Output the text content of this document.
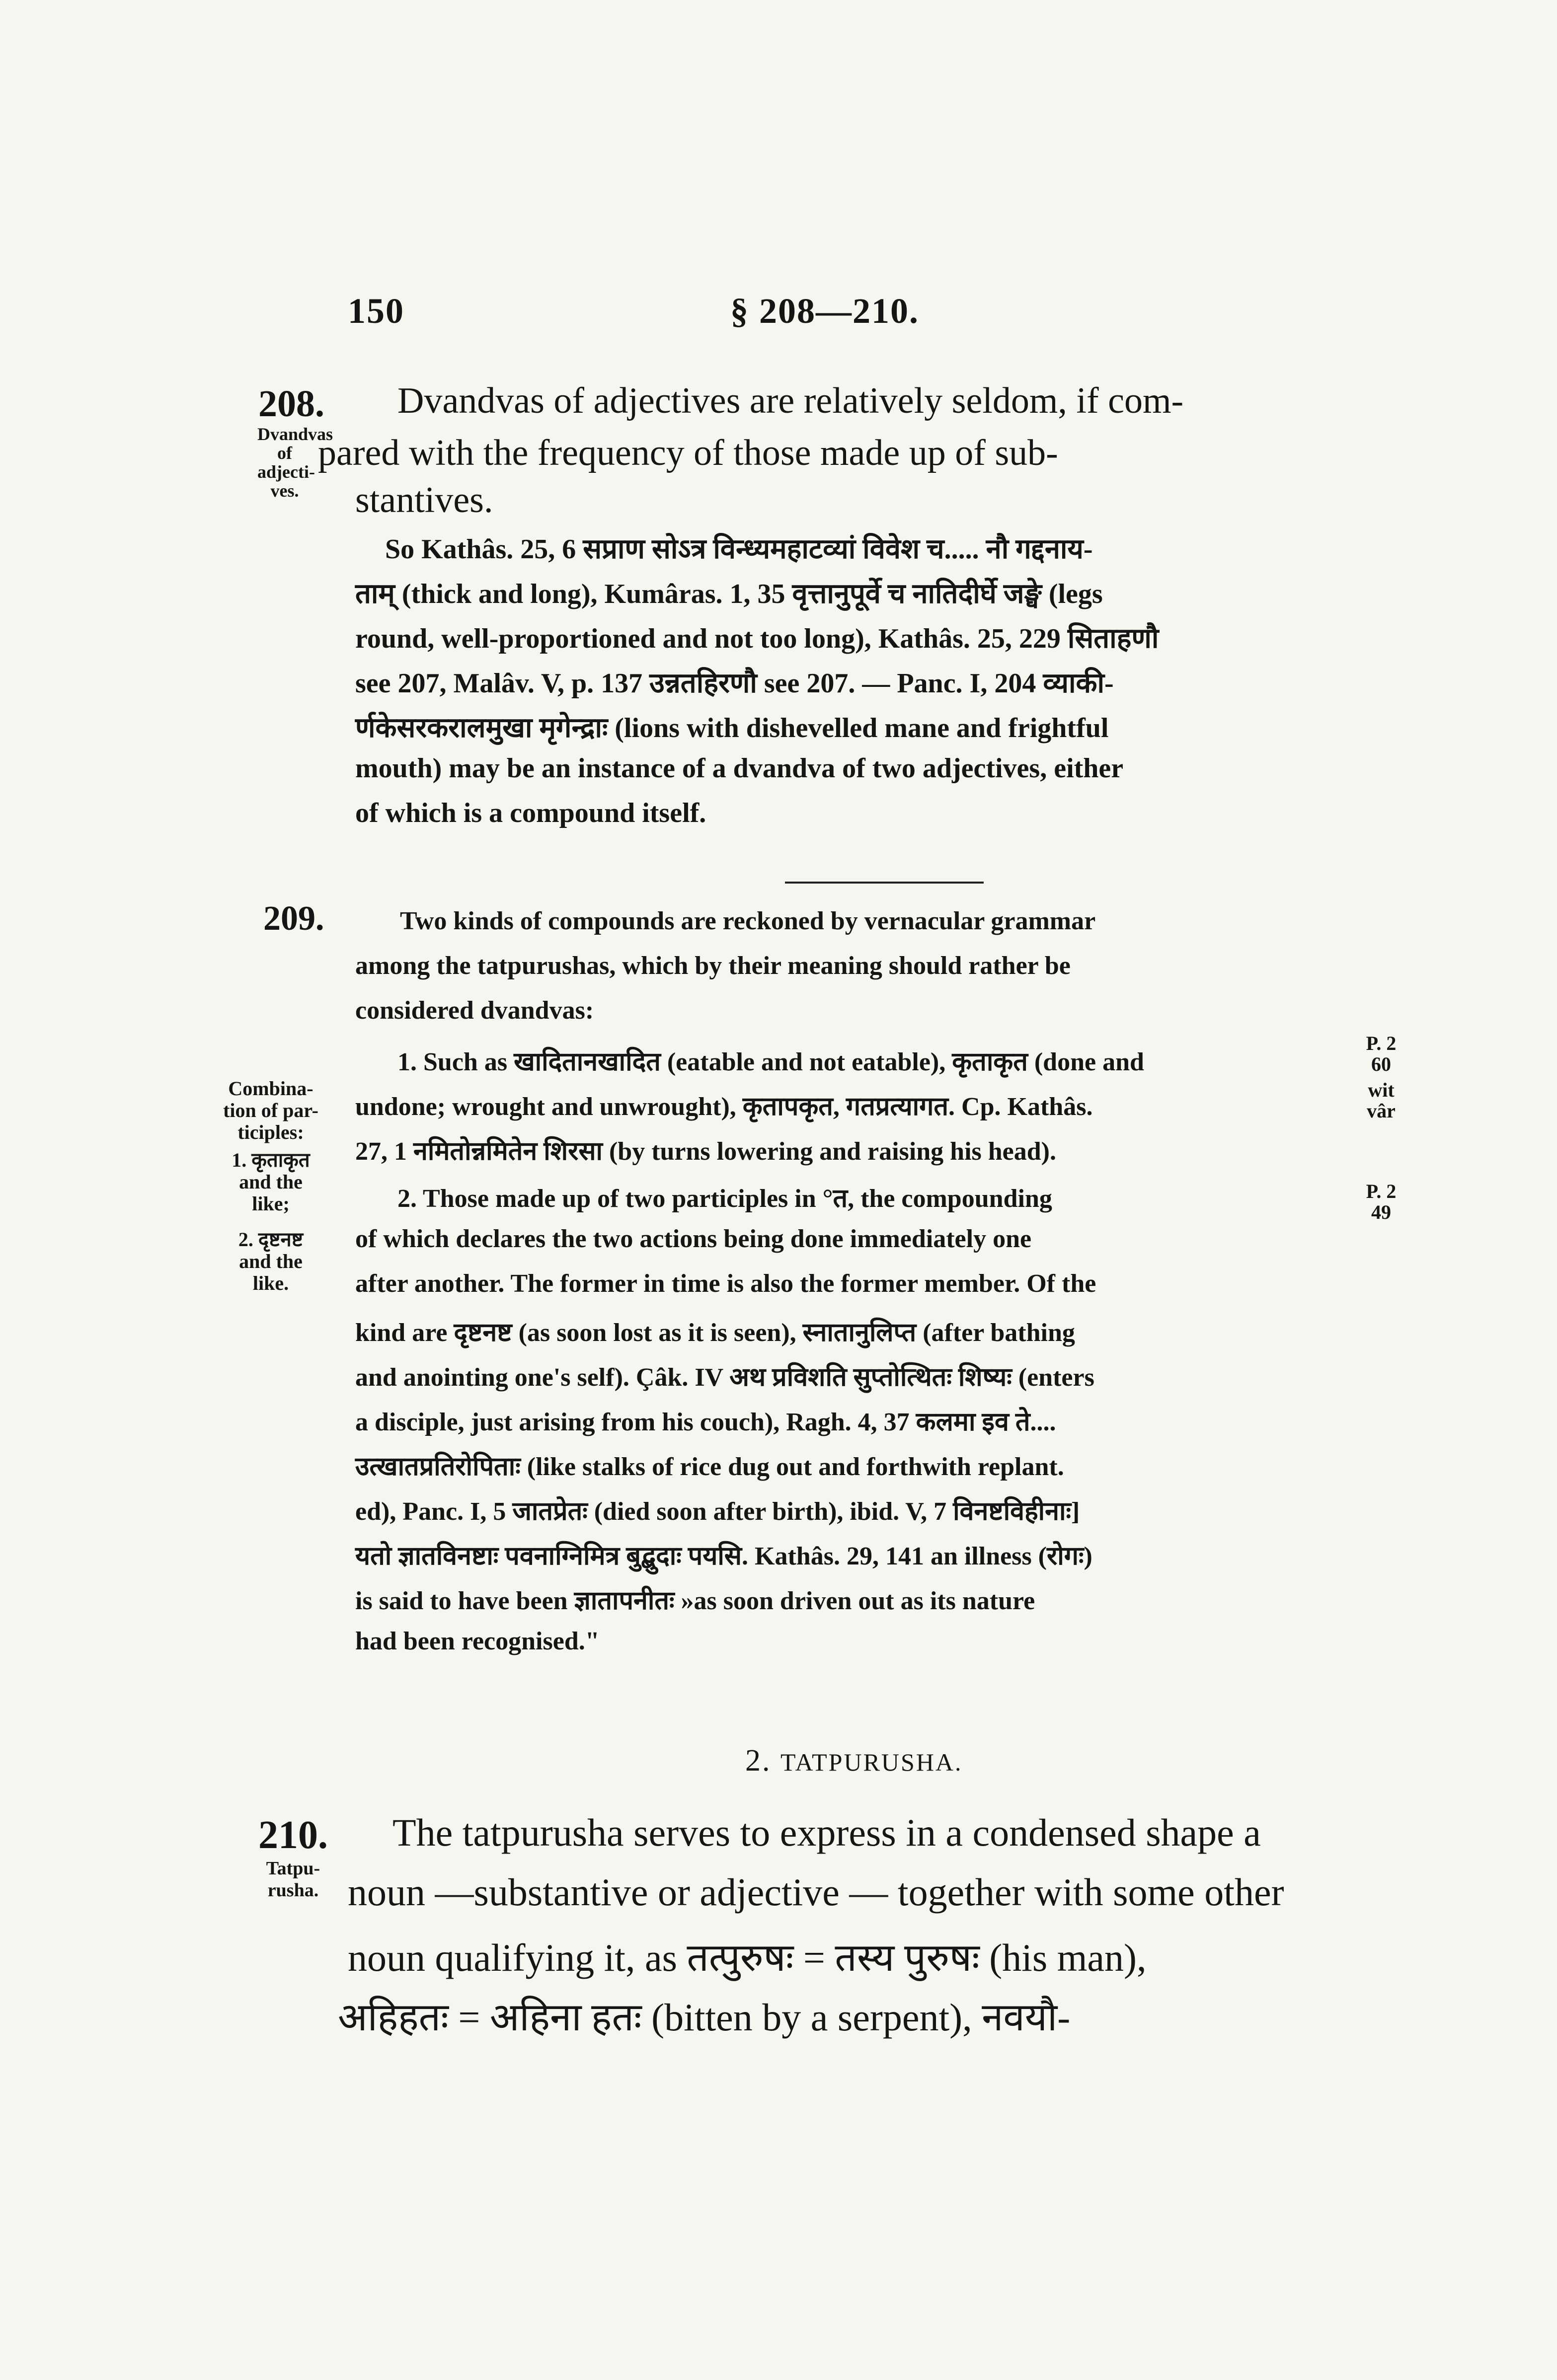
150	§ 208—210.
208.
Dvandvas
of adjecti-
ves.
Dvandvas of adjectives are relatively seldom, if com-
pared with the frequency of those made up of sub-
stantives.
So Kathâs. 25, 6 सप्राण सोऽत्र विन्ध्यमहाटव्यां विवेश च..... नौ गद्दनाय-
ताम् (thick and long), Kumâras. 1, 35 वृत्तानुपूर्वे च नातिदीर्घे जङ्घे (legs
round, well-proportioned and not too long), Kathâs. 25, 229 सिताहणौ
see 207, Malâv. V, p. 137 उन्नतहिरणौ see 207. — Panc. I, 204 व्याकी-
र्णकेसरकरालमुखा मृगेन्द्राः (lions with dishevelled mane and frightful
mouth) may be an instance of a dvandva of two adjectives, either
of which is a compound itself.
209.
Combina-
tion of par-
ticiples:
1. कृताकृत
and the
like;
2. दृष्टनष्ट
and the
like.
P. 2
60
wit
vâr
P. 2
49
Two kinds of compounds are reckoned by vernacular grammar
among the tatpurushas, which by their meaning should rather be
considered dvandvas:
1. Such as खादितानखादित (eatable and not eatable), कृताकृत (done and
undone; wrought and unwrought), कृतापकृत, गतप्रत्यागत. Cp. Kathâs.
27, 1 नमितोन्नमितेन शिरसा (by turns lowering and raising his head).
2. Those made up of two participles in °त, the compounding
of which declares the two actions being done immediately one
after another. The former in time is also the former member. Of the
kind are दृष्टनष्ट (as soon lost as it is seen), स्नातानुलिप्त (after bathing
and anointing one's self). Çâk. IV अथ प्रविशति सुप्तोत्थितः शिष्यः (enters
a disciple, just arising from his couch), Ragh. 4, 37 कलमा इव ते....
उत्खातप्रतिरोपिताः (like stalks of rice dug out and forthwith replant.
ed), Panc. I, 5 जातप्रेतः (died soon after birth), ibid. V, 7 विनष्टविहीनाः]
यतो ज्ञातविनष्टाः पवनाग्निमित्र बुद्बुदाः पयसि. Kathâs. 29, 141 an illness (रोगः)
is said to have been ज्ञातापनीतः »as soon driven out as its nature
had been recognised."
2. TATPURUSHA.
210.
Tatpu-
rusha.
The tatpurusha serves to express in a condensed shape a
noun —substantive or adjective — together with some other
noun qualifying it, as तत्पुरुषः = तस्य पुरुषः (his man),
अहिहतः = अहिना हतः (bitten by a serpent), नवयौ-
